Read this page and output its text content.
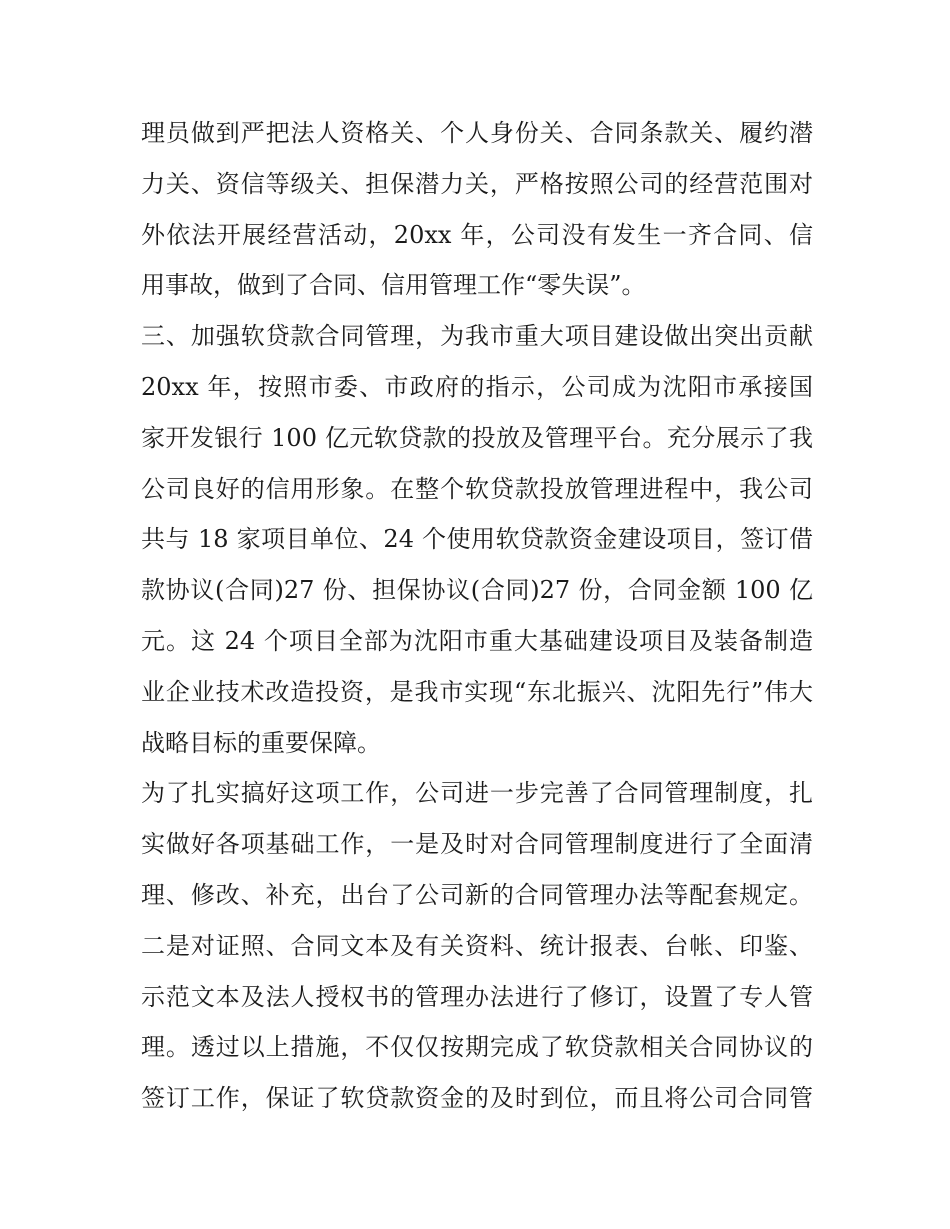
理员做到严把法人资格关、个人身份关、合同条款关、履约潜
力关、资信等级关、担保潜力关，严格按照公司的经营范围对
外依法开展经营活动，20xx 年，公司没有发生一齐合同、信
用事故，做到了合同、信用管理工作“零失误”。
三、加强软贷款合同管理，为我市重大项目建设做出突出贡献
20xx 年，按照市委、市政府的指示，公司成为沈阳市承接国
家开发银行 100 亿元软贷款的投放及管理平台。充分展示了我
公司良好的信用形象。在整个软贷款投放管理进程中，我公司
共与 18 家项目单位、24 个使用软贷款资金建设项目，签订借
款协议(合同)27 份、担保协议(合同)27 份，合同金额 100 亿
元。这 24 个项目全部为沈阳市重大基础建设项目及装备制造
业企业技术改造投资，是我市实现“东北振兴、沈阳先行”伟大
战略目标的重要保障。
为了扎实搞好这项工作，公司进一步完善了合同管理制度，扎
实做好各项基础工作，一是及时对合同管理制度进行了全面清
理、修改、补充，出台了公司新的合同管理办法等配套规定。
二是对证照、合同文本及有关资料、统计报表、台帐、印鉴、
示范文本及法人授权书的管理办法进行了修订，设置了专人管
理。透过以上措施，不仅仅按期完成了软贷款相关合同协议的
签订工作，保证了软贷款资金的及时到位，而且将公司合同管
